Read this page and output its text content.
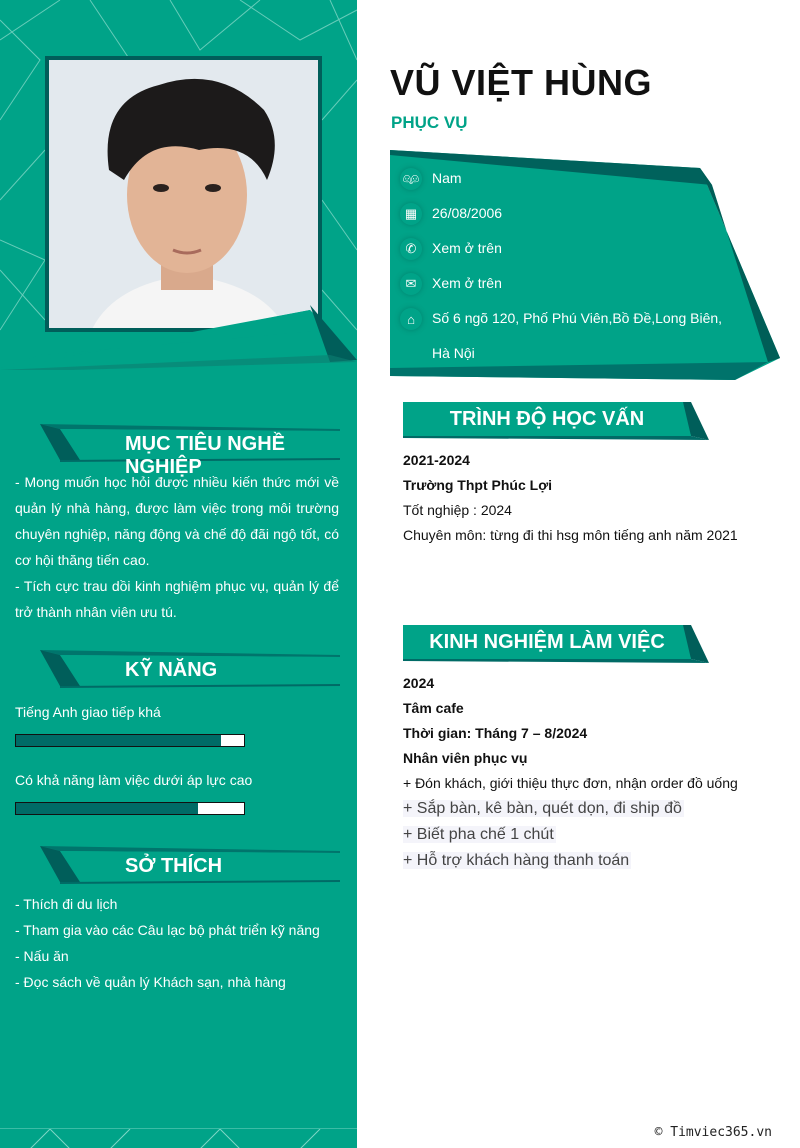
MỤC TIÊU NGHỀ NGHIỆP
- Mong muốn học hỏi được nhiều kiến thức mới về quản lý nhà hàng, được làm việc trong môi trường chuyên nghiệp, năng động và chế độ đãi ngộ tốt, có cơ hội thăng tiến cao.
- Tích cực trau dồi kinh nghiệm phục vụ, quản lý để trở thành nhân viên ưu tú.
KỸ NĂNG
Tiếng Anh giao tiếp khá
Có khả năng làm việc dưới áp lực cao
SỞ THÍCH
- Thích đi du lịch
- Tham gia vào các Câu lạc bộ phát triển kỹ năng
- Nấu ăn
- Đọc sách về quản lý Khách sạn, nhà hàng
VŨ VIỆT HÙNG
PHỤC VỤ
👫︎ Nam
▦	26/08/2006
✆	Xem ở trên
✉	Xem ở trên
⌂	Số 6 ngõ 120, Phố Phú Viên,Bồ Đề,Long Biên,
Hà Nội
TRÌNH ĐỘ HỌC VẤN
2021-2024
Trường Thpt Phúc Lợi
Tốt nghiệp : 2024
Chuyên môn: từng đi thi hsg môn tiếng anh năm 2021
KINH NGHIỆM LÀM VIỆC
2024
Tâm cafe
Thời gian: Tháng 7 – 8/2024
Nhân viên phục vụ
+ Đón khách, giới thiệu thực đơn, nhận order đồ uống
+ Sắp bàn, kê bàn, quét dọn, đi ship đồ
+ Biết pha chế 1 chút
+ Hỗ trợ khách hàng thanh toán
© Timviec365.vn
